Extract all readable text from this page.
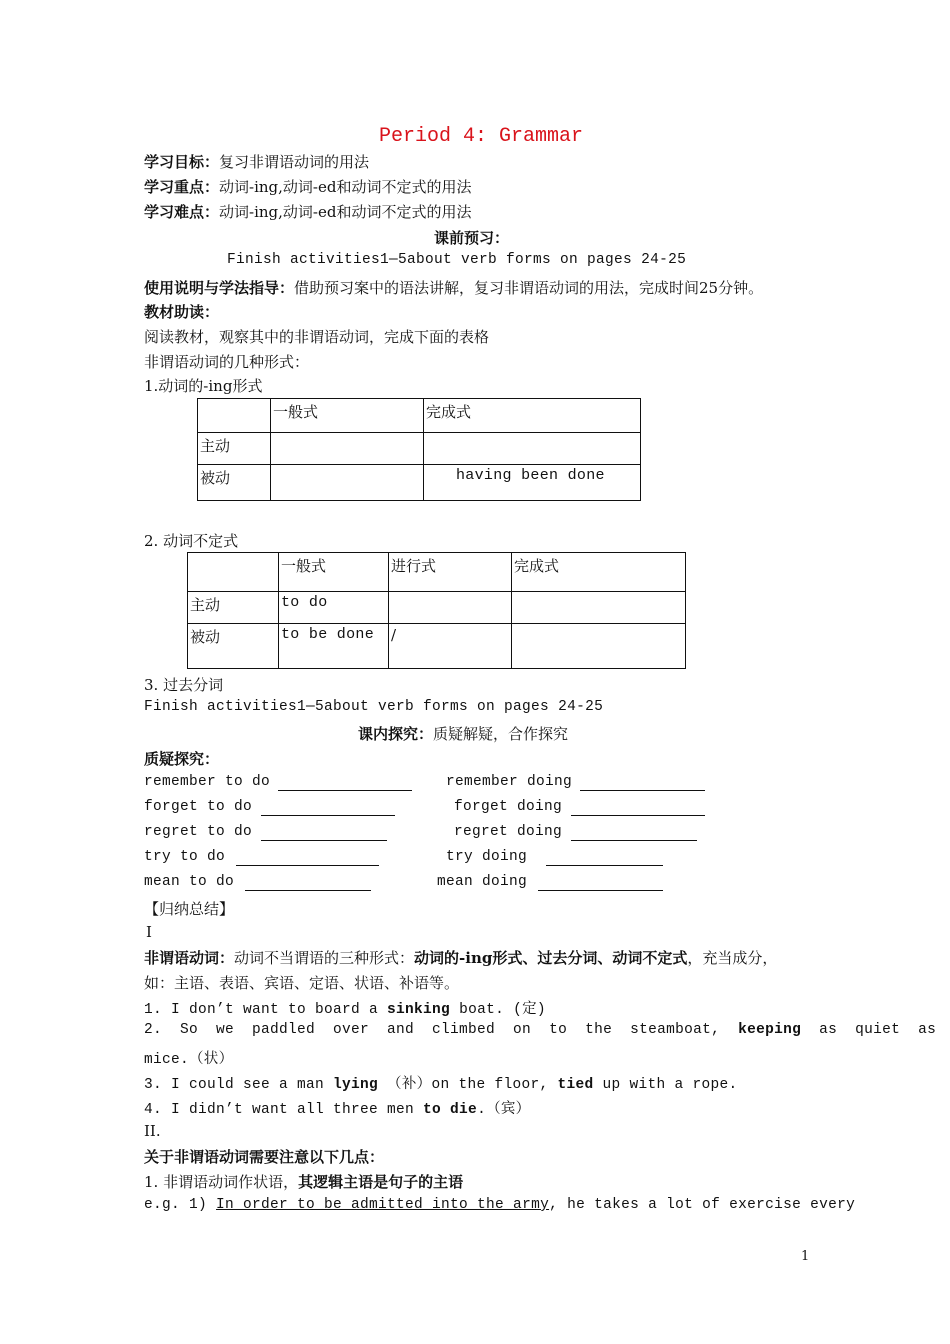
Period 4: Grammar
学习目标：复习非谓语动词的用法
学习重点：动词-ing,动词-ed和动词不定式的用法
学习难点：动词-ing,动词-ed和动词不定式的用法
课前预习：
Finish activities1—5about verb forms on pages 24-25
使用说明与学法指导：借助预习案中的语法讲解，复习非谓语动词的用法，完成时间25分钟。
教材助读：
阅读教材，观察其中的非谓语动词，完成下面的表格
非谓语动词的几种形式：
1.动词的-ing形式
	一般式	完成式
主动		
被动		having been done
2. 动词不定式
	一般式	进行式	完成式
主动	to do		
被动	to be done	/	
3. 过去分词
Finish activities1—5about verb forms on pages 24-25
课内探究：质疑解疑，合作探究
质疑探究：
remember to do	remember doing
forget to do	forget doing
regret to do	regret doing
try to do	try doing
mean to do	mean doing
【归纳总结】
I
非谓语动词：动词不当谓语的三种形式：动词的-ing形式、过去分词、动词不定式，充当成分，
如：主语、表语、宾语、定语、状语、补语等。
1. I don’t want to board a sinking boat. (定)
2.  So  we  paddled  over  and  climbed  on  to  the  steamboat,  keeping  as  quiet  as
mice.（状）
3. I could see a man lying （补）on the floor, tied up with a rope.
4. I didn’t want all three men to die.（宾）
II.
关于非谓语动词需要注意以下几点：
1. 非谓语动词作状语，其逻辑主语是句子的主语
e.g. 1) In order to be admitted into the army, he takes a lot of exercise every
1
